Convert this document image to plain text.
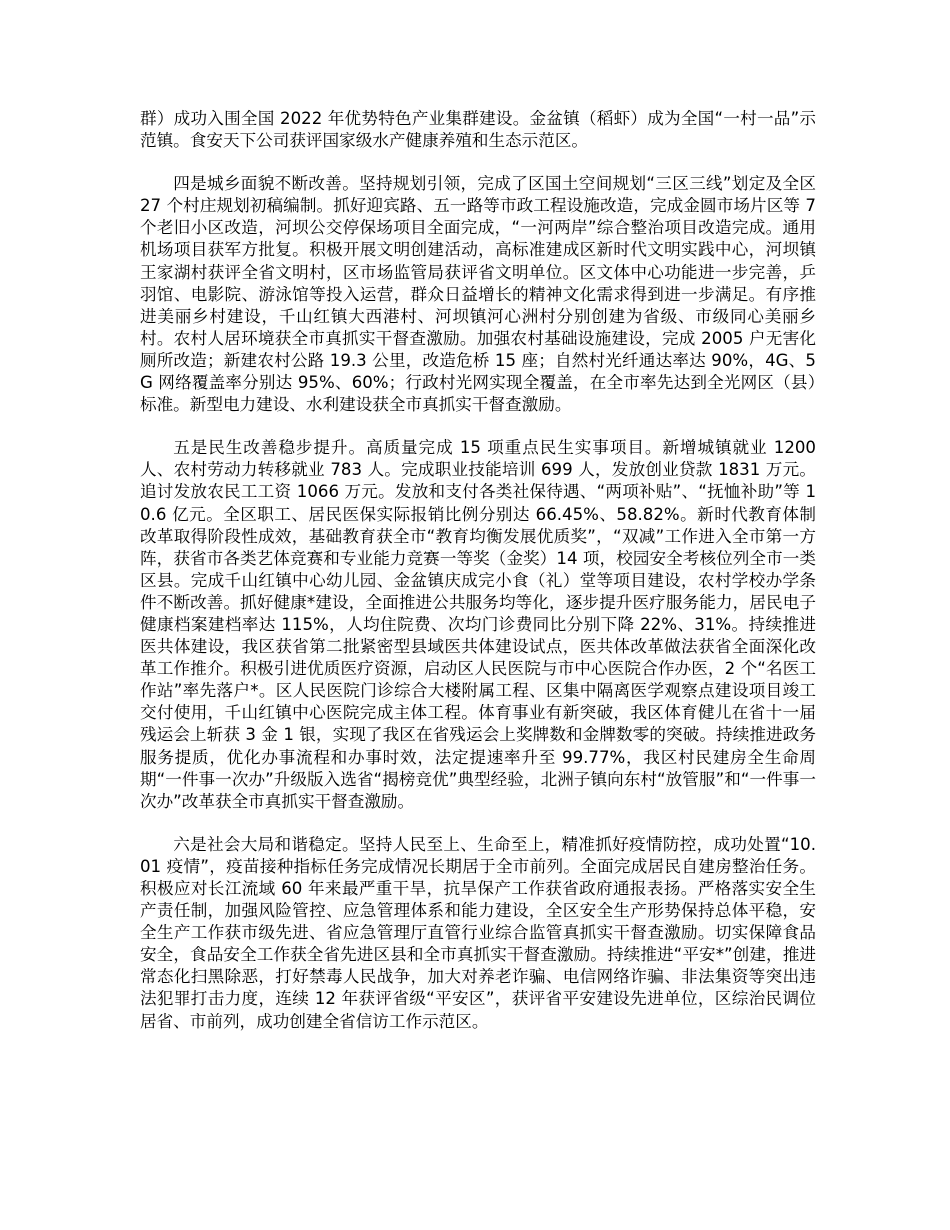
群）成功入围全国 2022 年优势特色产业集群建设。金盆镇（稻虾）成为全国“一村一品”示范镇。食安天下公司获评国家级水产健康养殖和生态示范区。

四是城乡面貌不断改善。坚持规划引领，完成了区国土空间规划“三区三线”划定及全区 27 个村庄规划初稿编制。抓好迎宾路、五一路等市政工程设施改造，完成金圆市场片区等 7 个老旧小区改造，河坝公交停保场项目全面完成，“一河两岸”综合整治项目改造完成。通用机场项目获军方批复。积极开展文明创建活动，高标准建成区新时代文明实践中心，河坝镇王家湖村获评全省文明村，区市场监管局获评省文明单位。区文体中心功能进一步完善，乒羽馆、电影院、游泳馆等投入运营，群众日益增长的精神文化需求得到进一步满足。有序推进美丽乡村建设，千山红镇大西港村、河坝镇河心洲村分别创建为省级、市级同心美丽乡村。农村人居环境获全市真抓实干督查激励。加强农村基础设施建设，完成 2005 户无害化厕所改造；新建农村公路 19.3 公里，改造危桥 15 座；自然村光纤通达率达 90%，4G、5G 网络覆盖率分别达 95%、60%；行政村光网实现全覆盖，在全市率先达到全光网区（县）标准。新型电力建设、水利建设获全市真抓实干督查激励。

五是民生改善稳步提升。高质量完成 15 项重点民生实事项目。新增城镇就业 1200 人、农村劳动力转移就业 783 人。完成职业技能培训 699 人，发放创业贷款 1831 万元。追讨发放农民工工资 1066 万元。发放和支付各类社保待遇、“两项补贴”、“抚恤补助”等 10.6 亿元。全区职工、居民医保实际报销比例分别达 66.45%、58.82%。新时代教育体制改革取得阶段性成效，基础教育获全市“教育均衡发展优质奖”，“双减”工作进入全市第一方阵，获省市各类艺体竞赛和专业能力竞赛一等奖（金奖）14 项，校园安全考核位列全市一类区县。完成千山红镇中心幼儿园、金盆镇庆成完小食（礼）堂等项目建设，农村学校办学条件不断改善。抓好健康*建设，全面推进公共服务均等化，逐步提升医疗服务能力，居民电子健康档案建档率达 115%，人均住院费、次均门诊费同比分别下降 22%、31%。持续推进医共体建设，我区获省第二批紧密型县域医共体建设试点，医共体改革做法获省全面深化改革工作推介。积极引进优质医疗资源，启动区人民医院与市中心医院合作办医，2 个“名医工作站”率先落户*。区人民医院门诊综合大楼附属工程、区集中隔离医学观察点建设项目竣工交付使用，千山红镇中心医院完成主体工程。体育事业有新突破，我区体育健儿在省十一届残运会上斩获 3 金 1 银，实现了我区在省残运会上奖牌数和金牌数零的突破。持续推进政务服务提质，优化办事流程和办事时效，法定提速率升至 99.77%，我区村民建房全生命周期“一件事一次办”升级版入选省“揭榜竞优”典型经验，北洲子镇向东村“放管服”和“一件事一次办”改革获全市真抓实干督查激励。

六是社会大局和谐稳定。坚持人民至上、生命至上，精准抓好疫情防控，成功处置“10.01 疫情”，疫苗接种指标任务完成情况长期居于全市前列。全面完成居民自建房整治任务。积极应对长江流域 60 年来最严重干旱，抗旱保产工作获省政府通报表扬。严格落实安全生产责任制，加强风险管控、应急管理体系和能力建设，全区安全生产形势保持总体平稳，安全生产工作获市级先进、省应急管理厅直管行业综合监管真抓实干督查激励。切实保障食品安全，食品安全工作获全省先进区县和全市真抓实干督查激励。持续推进“平安*”创建，推进常态化扫黑除恶，打好禁毒人民战争，加大对养老诈骗、电信网络诈骗、非法集资等突出违法犯罪打击力度，连续 12 年获评省级“平安区”，获评省平安建设先进单位，区综治民调位居省、市前列，成功创建全省信访工作示范区。
